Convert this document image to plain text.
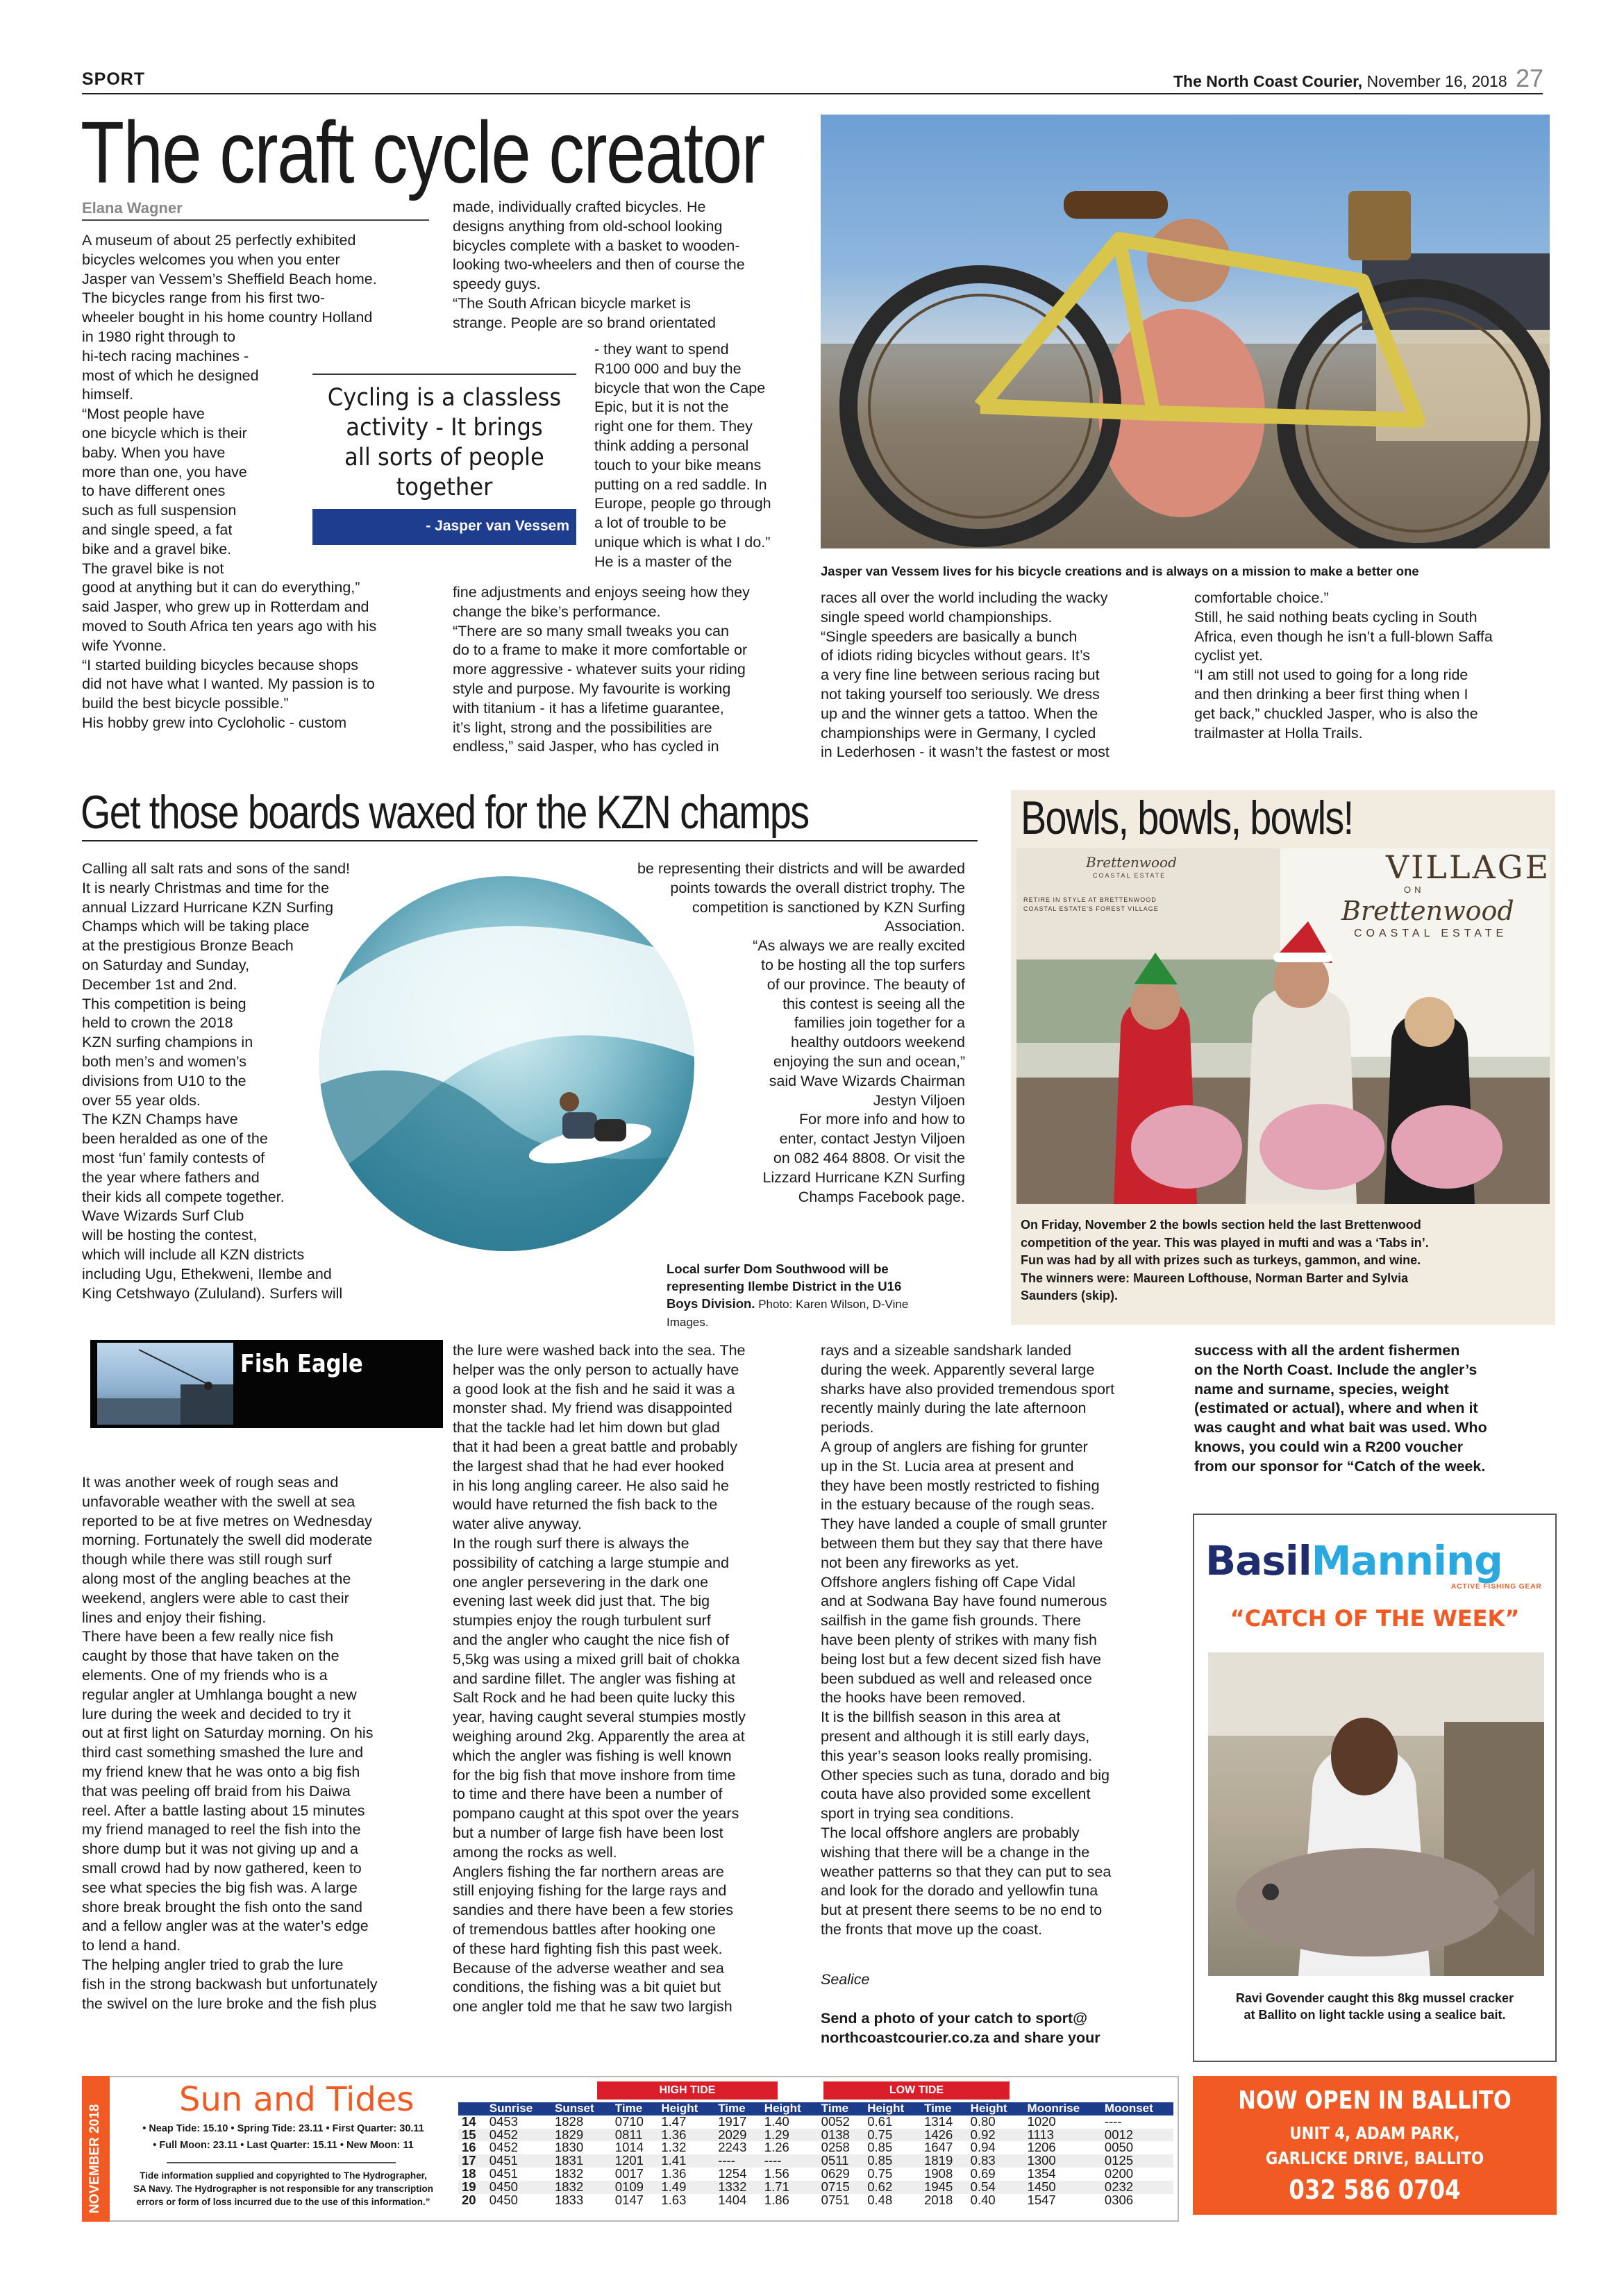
SPORT	The North Coast Courier, November 16, 2018 27
The craft cycle creator
Elana Wagner
A museum of about 25 perfectly exhibited
bicycles welcomes you when you enter
Jasper van Vessem’s Sheffield Beach home.
The bicycles range from his first two-
wheeler bought in his home country Holland
in 1980 right through to
hi-tech racing machines -
most of which he designed
himself.
“Most people have
one bicycle which is their
baby. When you have
more than one, you have
to have different ones
such as full suspension
and single speed, a fat
bike and a gravel bike.
The gravel bike is not
good at anything but it can do everything,”
said Jasper, who grew up in Rotterdam and
moved to South Africa ten years ago with his
wife Yvonne.
“I started building bicycles because shops
did not have what I wanted. My passion is to
build the best bicycle possible.”
His hobby grew into Cycloholic - custom
made, individually crafted bicycles. He
designs anything from old-school looking
bicycles complete with a basket to wooden-
looking two-wheelers and then of course the
speedy guys.
“The South African bicycle market is
strange. People are so brand orientated
- they want to spend
R100 000 and buy the
bicycle that won the Cape
Epic, but it is not the
right one for them. They
think adding a personal
touch to your bike means
putting on a red saddle. In
Europe, people go through
a lot of trouble to be
unique which is what I do.”
He is a master of the
fine adjustments and enjoys seeing how they
change the bike’s performance.
“There are so many small tweaks you can
do to a frame to make it more comfortable or
more aggressive - whatever suits your riding
style and purpose. My favourite is working
with titanium - it has a lifetime guarantee,
it’s light, strong and the possibilities are
endless,” said Jasper, who has cycled in
Cycling is a classless
activity - It brings
all sorts of people
together
- Jasper van Vessem
Jasper van Vessem lives for his bicycle creations and is always on a mission to make a better one
races all over the world including the wacky
single speed world championships.
“Single speeders are basically a bunch
of idiots riding bicycles without gears. It’s
a very fine line between serious racing but
not taking yourself too seriously. We dress
up and the winner gets a tattoo. When the
championships were in Germany, I cycled
in Lederhosen - it wasn’t the fastest or most
comfortable choice.”
Still, he said nothing beats cycling in South
Africa, even though he isn’t a full-blown Saffa
cyclist yet.
“I am still not used to going for a long ride
and then drinking a beer first thing when I
get back,” chuckled Jasper, who is also the
trailmaster at Holla Trails.
Get those boards waxed for the KZN champs
Calling all salt rats and sons of the sand!
It is nearly Christmas and time for the
annual Lizzard Hurricane KZN Surfing
Champs which will be taking place
at the prestigious Bronze Beach
on Saturday and Sunday,
December 1st and 2nd.
This competition is being
held to crown the 2018
KZN surfing champions in
both men’s and women’s
divisions from U10 to the
over 55 year olds.
The KZN Champs have
been heralded as one of the
most ‘fun’ family contests of
the year where fathers and
their kids all compete together.
Wave Wizards Surf Club
will be hosting the contest,
which will include all KZN districts
including Ugu, Ethekweni, Ilembe and
King Cetshwayo (Zululand). Surfers will
be representing their districts and will be awarded
points towards the overall district trophy. The
competition is sanctioned by KZN Surfing
Association.
“As always we are really excited
to be hosting all the top surfers
of our province. The beauty of
this contest is seeing all the
families join together for a
healthy outdoors weekend
enjoying the sun and ocean,”
said Wave Wizards Chairman
Jestyn Viljoen
For more info and how to
enter, contact Jestyn Viljoen
on 082 464 8808. Or visit the
Lizzard Hurricane KZN Surfing
Champs Facebook page.

Local surfer Dom Southwood will be
representing Ilembe District in the U16
Boys Division. Photo: Karen Wilson, D-Vine
Images.

Bowls, bowls, bowls!
Brettenwood
COASTAL ESTATE
RETIRE IN STYLE AT BRETTENWOOD
COASTAL ESTATE'S FOREST VILLAGE
VILLAGE
ON
Brettenwood
COASTAL ESTATE
On Friday, November 2 the bowls section held the last Brettenwood
competition of the year. This was played in mufti and was a ‘Tabs in’.
Fun was had by all with prizes such as turkeys, gammon, and wine.
The winners were: Maureen Lofthouse, Norman Barter and Sylvia
Saunders (skip).
Fish Eagle
It was another week of rough seas and
unfavorable weather with the swell at sea
reported to be at five metres on Wednesday
morning. Fortunately the swell did moderate
though while there was still rough surf
along most of the angling beaches at the
weekend, anglers were able to cast their
lines and enjoy their fishing.
There have been a few really nice fish
caught by those that have taken on the
elements. One of my friends who is a
regular angler at Umhlanga bought a new
lure during the week and decided to try it
out at first light on Saturday morning. On his
third cast something smashed the lure and
my friend knew that he was onto a big fish
that was peeling off braid from his Daiwa
reel. After a battle lasting about 15 minutes
my friend managed to reel the fish into the
shore dump but it was not giving up and a
small crowd had by now gathered, keen to
see what species the big fish was. A large
shore break brought the fish onto the sand
and a fellow angler was at the water’s edge
to lend a hand.
The helping angler tried to grab the lure
fish in the strong backwash but unfortunately
the swivel on the lure broke and the fish plus
the lure were washed back into the sea. The
helper was the only person to actually have
a good look at the fish and he said it was a
monster shad. My friend was disappointed
that the tackle had let him down but glad
that it had been a great battle and probably
the largest shad that he had ever hooked
in his long angling career. He also said he
would have returned the fish back to the
water alive anyway.
In the rough surf there is always the
possibility of catching a large stumpie and
one angler persevering in the dark one
evening last week did just that. The big
stumpies enjoy the rough turbulent surf
and the angler who caught the nice fish of
5,5kg was using a mixed grill bait of chokka
and sardine fillet. The angler was fishing at
Salt Rock and he had been quite lucky this
year, having caught several stumpies mostly
weighing around 2kg. Apparently the area at
which the angler was fishing is well known
for the big fish that move inshore from time
to time and there have been a number of
pompano caught at this spot over the years
but a number of large fish have been lost
among the rocks as well.
Anglers fishing the far northern areas are
still enjoying fishing for the large rays and
sandies and there have been a few stories
of tremendous battles after hooking one
of these hard fighting fish this past week.
Because of the adverse weather and sea
conditions, the fishing was a bit quiet but
one angler told me that he saw two largish
rays and a sizeable sandshark landed
during the week. Apparently several large
sharks have also provided tremendous sport
recently mainly during the late afternoon
periods.
A group of anglers are fishing for grunter
up in the St. Lucia area at present and
they have been mostly restricted to fishing
in the estuary because of the rough seas.
They have landed a couple of small grunter
between them but they say that there have
not been any fireworks as yet.
Offshore anglers fishing off Cape Vidal
and at Sodwana Bay have found numerous
sailfish in the game fish grounds. There
have been plenty of strikes with many fish
being lost but a few decent sized fish have
been subdued as well and released once
the hooks have been removed.
It is the billfish season in this area at
present and although it is still early days,
this year’s season looks really promising.
Other species such as tuna, dorado and big
couta have also provided some excellent
sport in trying sea conditions.
The local offshore anglers are probably
wishing that there will be a change in the
weather patterns so that they can put to sea
and look for the dorado and yellowfin tuna
but at present there seems to be no end to
the fronts that move up the coast.
Sealice
Send a photo of your catch to sport@
northcoastcourier.co.za and share your
success with all the ardent fishermen
on the North Coast. Include the angler’s
name and surname, species, weight
(estimated or actual), where and when it
was caught and what bait was used. Who
knows, you could win a R200 voucher
from our sponsor for “Catch of the week.
BasilManning
ACTIVE FISHING GEAR
“CATCH OF THE WEEK”
Ravi Govender caught this 8kg mussel cracker
at Ballito on light tackle using a sealice bait.
NOW OPEN IN BALLITO
UNIT 4, ADAM PARK,
GARLICKE DRIVE, BALLITO
032 586 0704
NOVEMBER 2018
Sun and Tides
• Neap Tide: 15.10 • Spring Tide: 23.11 • First Quarter: 30.11
• Full Moon: 23.11 • Last Quarter: 15.11 • New Moon: 11
Tide information supplied and copyrighted to The Hydrographer,
SA Navy. The Hydrographer is not responsible for any transcription
errors or form of loss incurred due to the use of this information.”
HIGH TIDE	LOW TIDE
	Sunrise	Sunset	Time	Height	Time	Height	Time	Height	Time	Height	Moonrise	Moonset
14	0453	1828	0710	1.47	1917	1.40	0052	0.61	1314	0.80	1020	----
15	0452	1829	0811	1.36	2029	1.29	0138	0.75	1426	0.92	1113	0012
16	0452	1830	1014	1.32	2243	1.26	0258	0.85	1647	0.94	1206	0050
17	0451	1831	1201	1.41	----	----	0511	0.85	1819	0.83	1300	0125
18	0451	1832	0017	1.36	1254	1.56	0629	0.75	1908	0.69	1354	0200
19	0450	1832	0109	1.49	1332	1.71	0715	0.62	1945	0.54	1450	0232
20	0450	1833	0147	1.63	1404	1.86	0751	0.48	2018	0.40	1547	0306
